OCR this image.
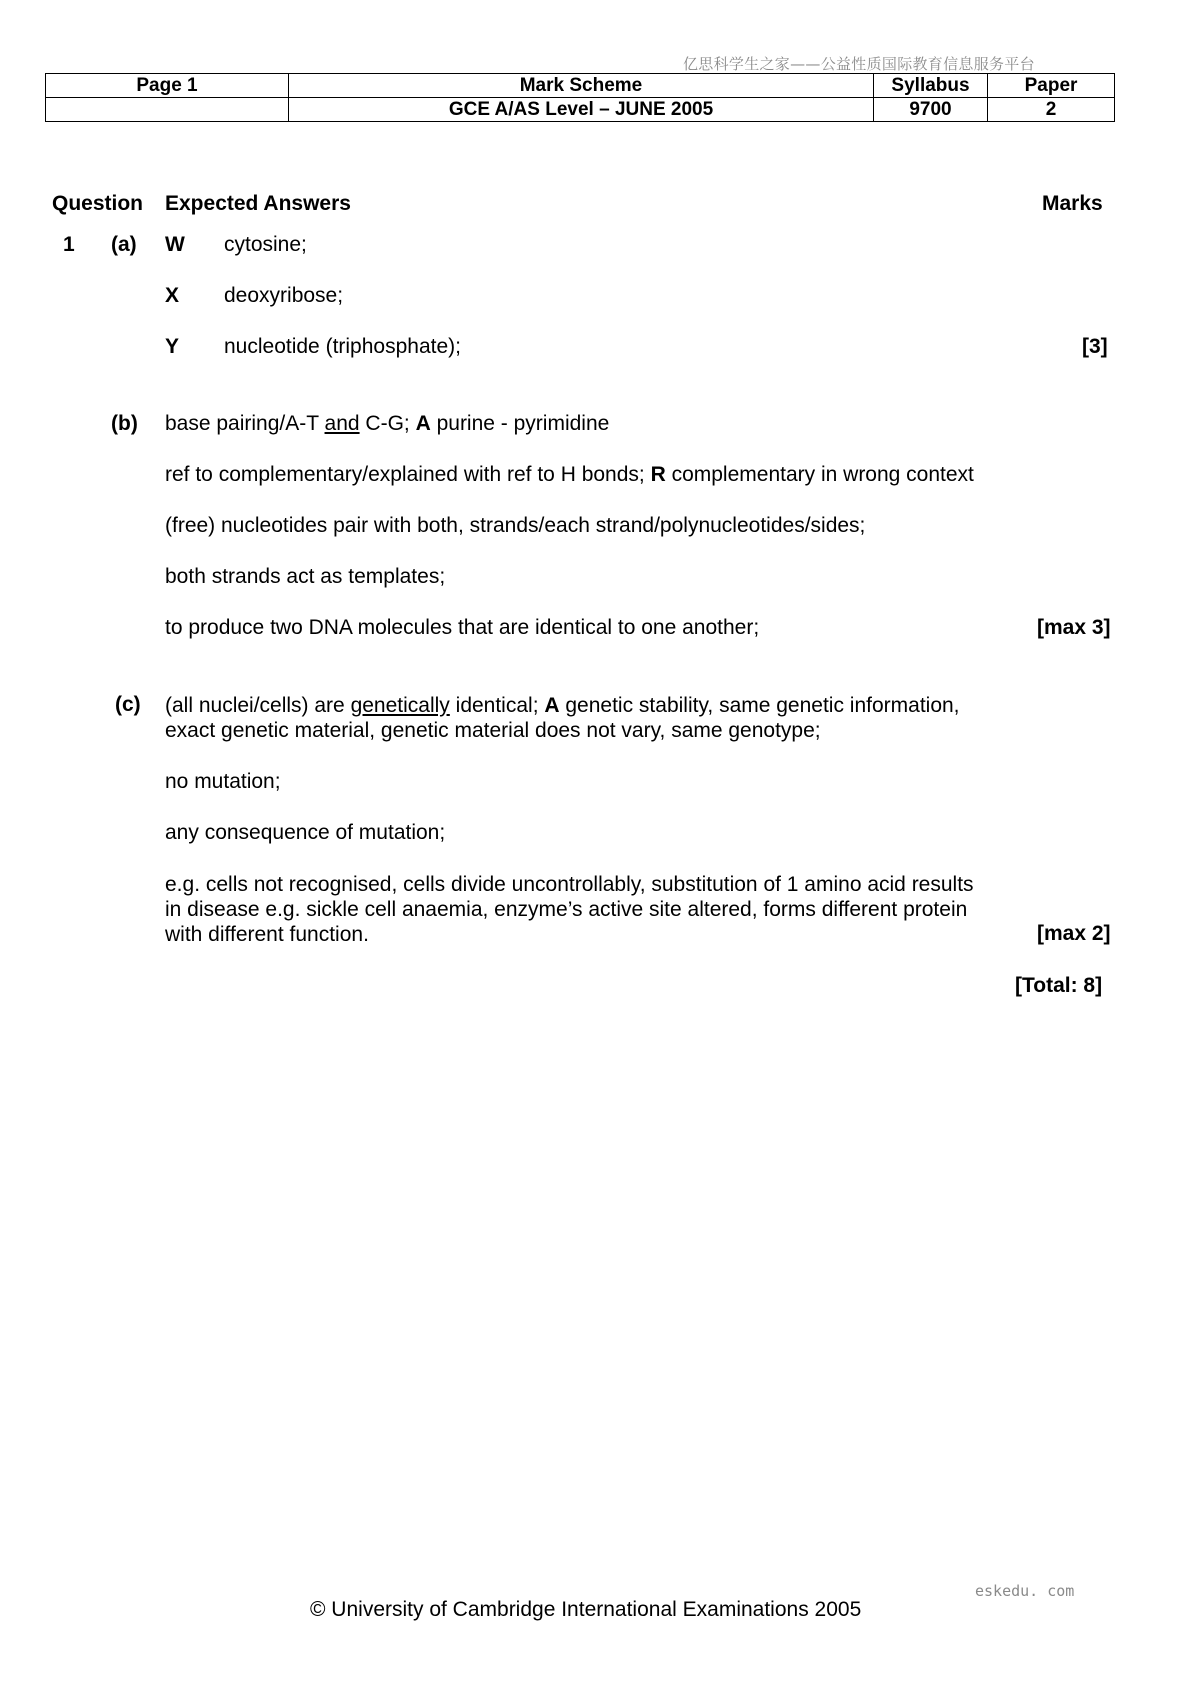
亿思科学生之家——公益性质国际教育信息服务平台
Page 1	Mark Scheme	Syllabus	Paper
	GCE A/AS Level – JUNE 2005	9700	2
Question Expected Answers	Marks
1 (a) W cytosine;
X deoxyribose;
Y nucleotide (triphosphate);	[3]
(b) base pairing/A-T and C-G; A purine - pyrimidine
ref to complementary/explained with ref to H bonds; R complementary in wrong context
(free) nucleotides pair with both, strands/each strand/polynucleotides/sides;
both strands act as templates;
to produce two DNA molecules that are identical to one another;	[max 3]
(c) (all nuclei/cells) are genetically identical; A genetic stability, same genetic information,
exact genetic material, genetic material does not vary, same genotype;
no mutation;
any consequence of mutation;
e.g. cells not recognised, cells divide uncontrollably, substitution of 1 amino acid results
in disease e.g. sickle cell anaemia, enzyme’s active site altered, forms different protein
with different function.	[max 2]
[Total: 8]
eskedu. com
© University of Cambridge International Examinations 2005
